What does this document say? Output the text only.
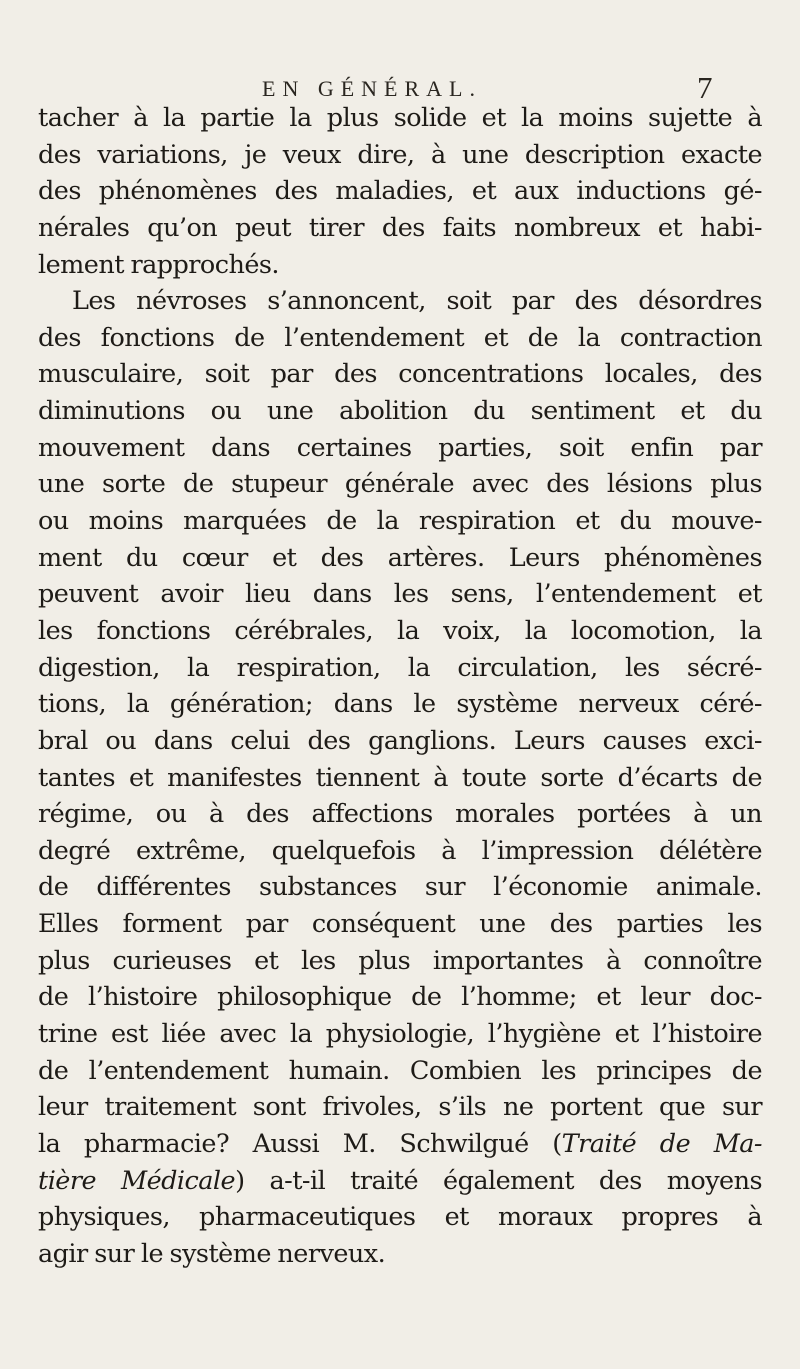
EN GÉNÉRAL.	7
tacher à la partie la plus solide et la moins sujette à
des variations, je veux dire, à une description exacte
des phénomènes des maladies, et aux inductions gé-
nérales qu’on peut tirer des faits nombreux et habi-
lement rapprochés.
Les névroses s’annoncent, soit par des désordres
des fonctions de l’entendement et de la contraction
musculaire, soit par des concentrations locales, des
diminutions ou une abolition du sentiment et du
mouvement dans certaines parties, soit enfin par
une sorte de stupeur générale avec des lésions plus
ou moins marquées de la respiration et du mouve-
ment du cœur et des artères. Leurs phénomènes
peuvent avoir lieu dans les sens, l’entendement et
les fonctions cérébrales, la voix, la locomotion, la
digestion, la respiration, la circulation, les sécré-
tions, la génération; dans le système nerveux céré-
bral ou dans celui des ganglions. Leurs causes exci-
tantes et manifestes tiennent à toute sorte d’écarts de
régime, ou à des affections morales portées à un
degré extrême, quelquefois à l’impression délétère
de différentes substances sur l’économie animale.
Elles forment par conséquent une des parties les
plus curieuses et les plus importantes à connoître
de l’histoire philosophique de l’homme; et leur doc-
trine est liée avec la physiologie, l’hygiène et l’histoire
de l’entendement humain. Combien les principes de
leur traitement sont frivoles, s’ils ne portent que sur
la pharmacie? Aussi M. Schwilgué (Traité de Ma-
tière Médicale) a-t-il traité également des moyens
physiques, pharmaceutiques et moraux propres à
agir sur le système nerveux.
